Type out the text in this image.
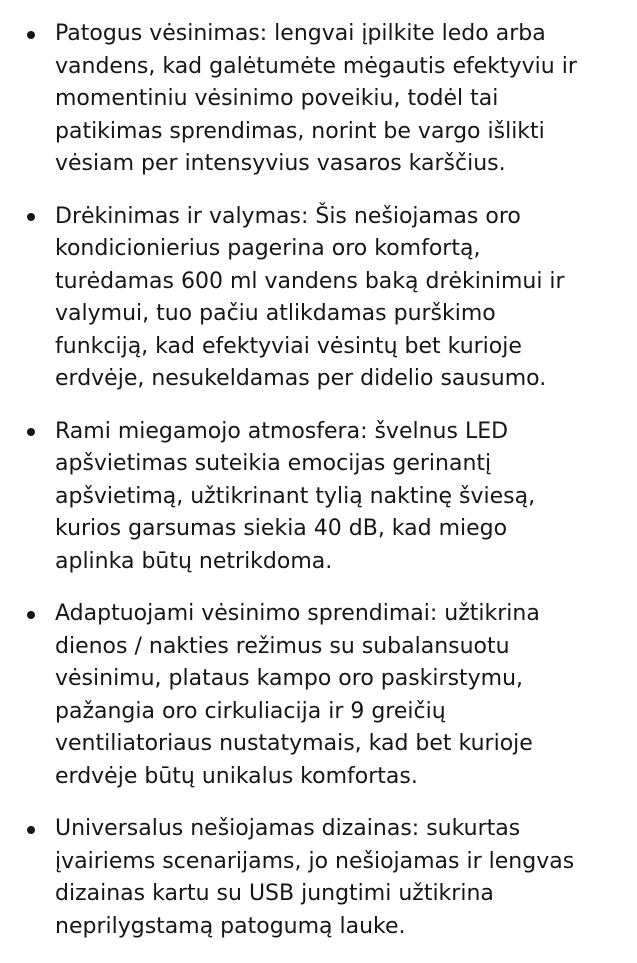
Patogus vėsinimas: lengvai įpilkite ledo arba
vandens, kad galėtumėte mėgautis efektyviu ir
momentiniu vėsinimo poveikiu, todėl tai
patikimas sprendimas, norint be vargo išlikti
vėsiam per intensyvius vasaros karščius.
Drėkinimas ir valymas: Šis nešiojamas oro
kondicionierius pagerina oro komfortą,
turėdamas 600 ml vandens baką drėkinimui ir
valymui, tuo pačiu atlikdamas purškimo
funkciją, kad efektyviai vėsintų bet kurioje
erdvėje, nesukeldamas per didelio sausumo.
Rami miegamojo atmosfera: švelnus LED
apšvietimas suteikia emocijas gerinantį
apšvietimą, užtikrinant tylią naktinę šviesą,
kurios garsumas siekia 40 dB, kad miego
aplinka būtų netrikdoma.
Adaptuojami vėsinimo sprendimai: užtikrina
dienos / nakties režimus su subalansuotu
vėsinimu, plataus kampo oro paskirstymu,
pažangia oro cirkuliacija ir 9 greičių
ventiliatoriaus nustatymais, kad bet kurioje
erdvėje būtų unikalus komfortas.
Universalus nešiojamas dizainas: sukurtas
įvairiems scenarijams, jo nešiojamas ir lengvas
dizainas kartu su USB jungtimi užtikrina
neprilygstamą patogumą lauke.
